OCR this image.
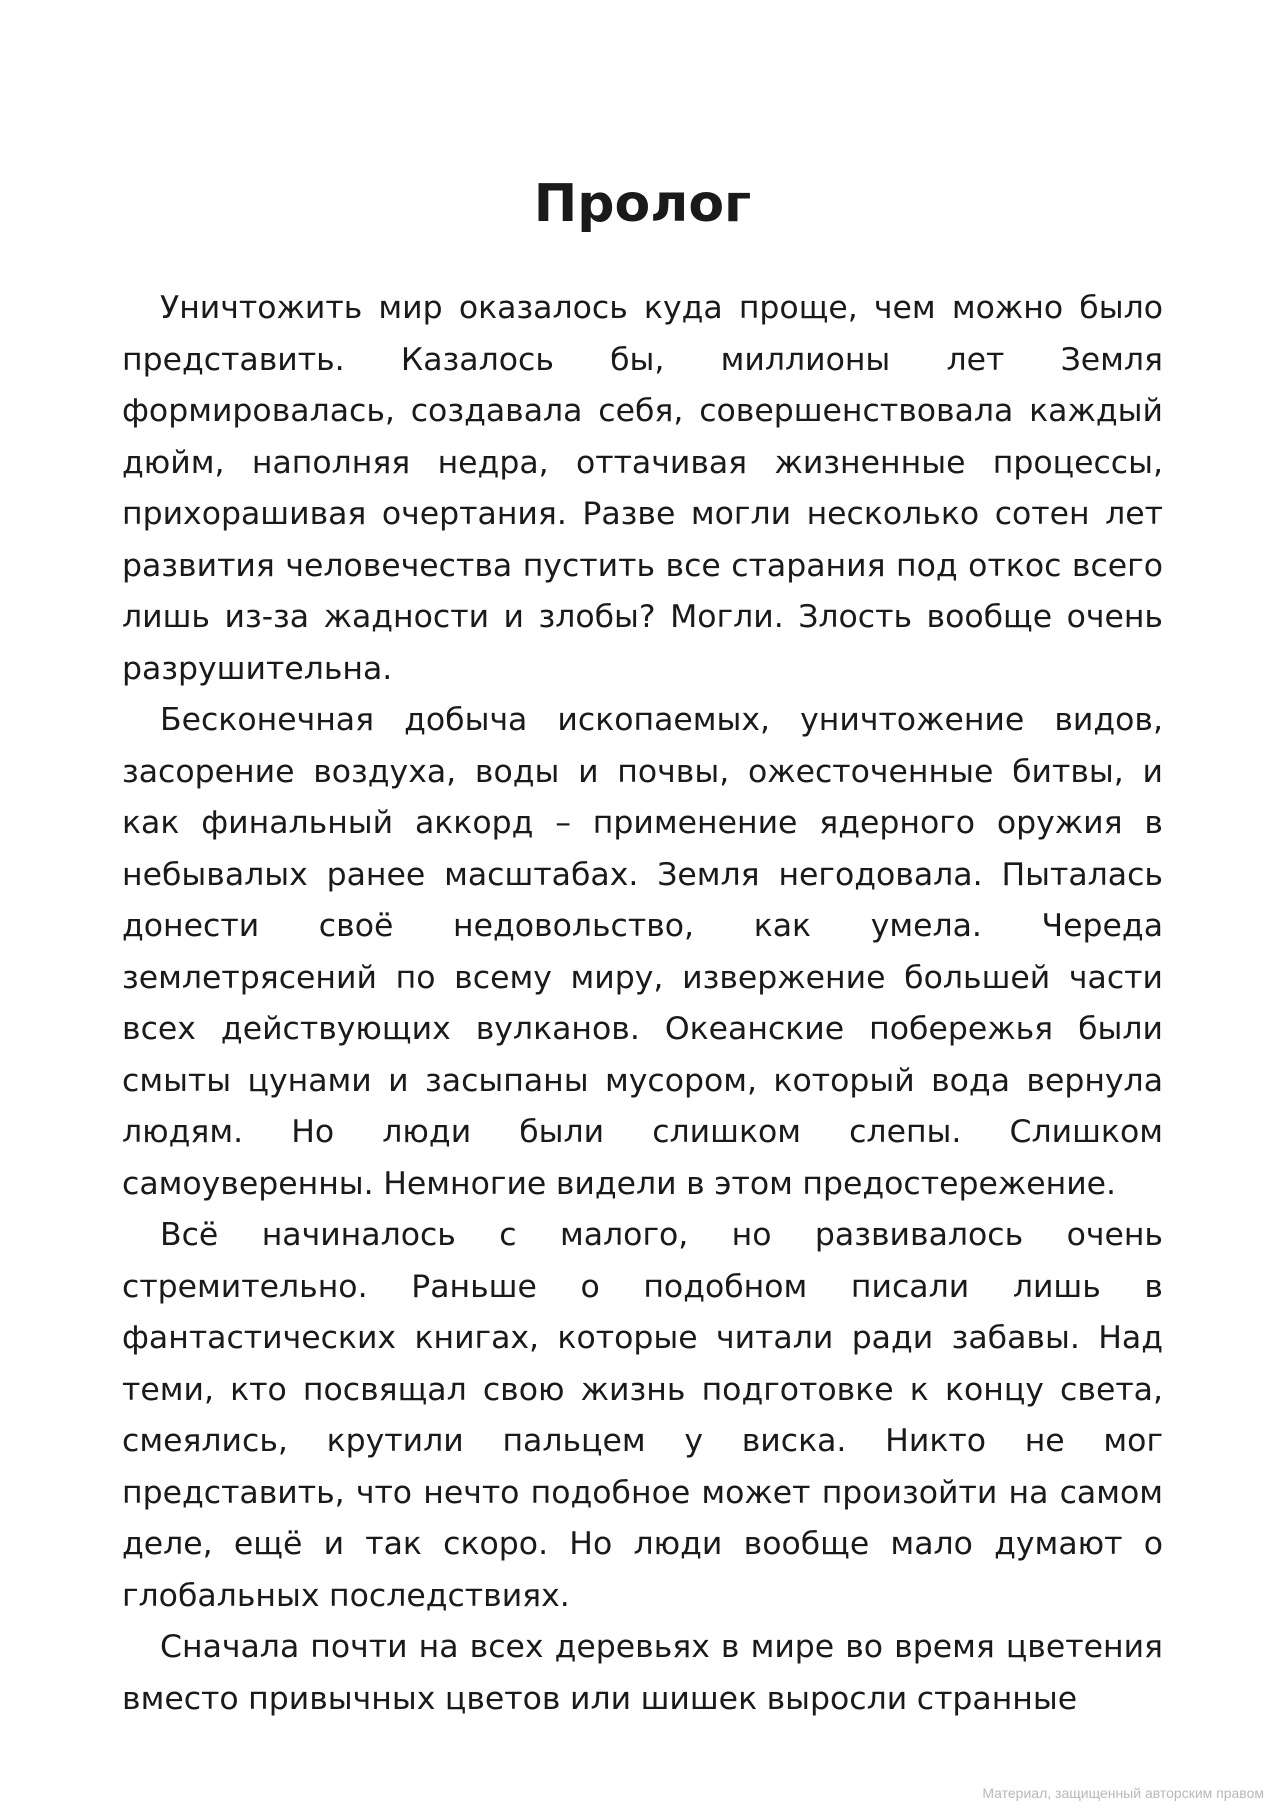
Пролог

Уничтожить мир оказалось куда проще, чем можно было представить. Казалось бы, миллионы лет Земля формировалась, создавала себя, совершенствовала каждый дюйм, наполняя недра, оттачивая жизненные процессы, прихорашивая очертания. Разве могли несколько сотен лет развития человечества пустить все старания под откос всего лишь из-за жадности и злобы? Могли. Злость вообще очень разрушительна.

Бесконечная добыча ископаемых, уничтожение видов, засорение воздуха, воды и почвы, ожесточенные битвы, и как финальный аккорд – применение ядерного оружия в небывалых ранее масштабах. Земля негодовала. Пыталась донести своё недовольство, как умела. Череда землетрясений по всему миру, извержение большей части всех действующих вулканов. Океанские побережья были смыты цунами и засыпаны мусором, который вода вернула людям. Но люди были слишком слепы. Слишком самоуверенны. Немногие видели в этом предостережение.

Всё начиналось с малого, но развивалось очень стремительно. Раньше о подобном писали лишь в фантастических книгах, которые читали ради забавы. Над теми, кто посвящал свою жизнь подготовке к концу света, смеялись, крутили пальцем у виска. Никто не мог представить, что нечто подобное может произойти на самом деле, ещё и так скоро. Но люди вообще мало думают о глобальных последствиях.

Сначала почти на всех деревьях в мире во время цветения вместо привычных цветов или шишек выросли странные

Материал, защищенный авторским правом
